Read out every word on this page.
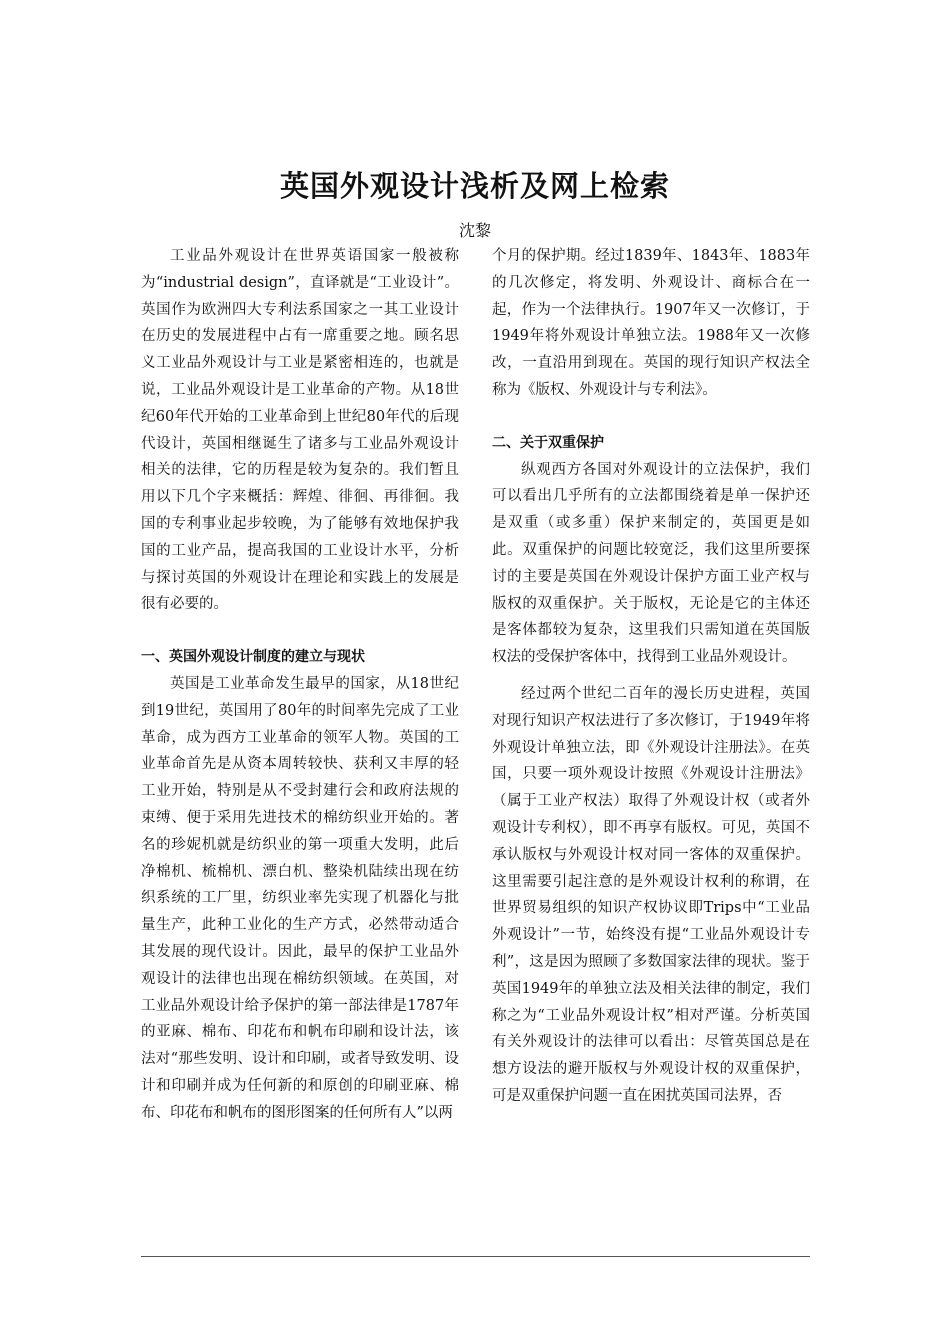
英国外观设计浅析及网上检索
沈黎

工业品外观设计在世界英语国家一般被称为“industrial design”，直译就是“工业设计”。英国作为欧洲四大专利法系国家之一其工业设计在历史的发展进程中占有一席重要之地。顾名思义工业品外观设计与工业是紧密相连的，也就是说，工业品外观设计是工业革命的产物。从18世纪60年代开始的工业革命到上世纪80年代的后现代设计，英国相继诞生了诸多与工业品外观设计相关的法律，它的历程是较为复杂的。我们暂且用以下几个字来概括：辉煌、徘徊、再徘徊。我国的专利事业起步较晚，为了能够有效地保护我国的工业产品，提高我国的工业设计水平，分析与探讨英国的外观设计在理论和实践上的发展是很有必要的。

一、英国外观设计制度的建立与现状

英国是工业革命发生最早的国家，从18世纪到19世纪，英国用了80年的时间率先完成了工业革命，成为西方工业革命的领军人物。英国的工业革命首先是从资本周转较快、获利又丰厚的轻工业开始，特别是从不受封建行会和政府法规的束缚、便于采用先进技术的棉纺织业开始的。著名的珍妮机就是纺织业的第一项重大发明，此后净棉机、梳棉机、漂白机、整染机陆续出现在纺织系统的工厂里，纺织业率先实现了机器化与批量生产，此种工业化的生产方式，必然带动适合其发展的现代设计。因此，最早的保护工业品外观设计的法律也出现在棉纺织领域。在英国，对工业品外观设计给予保护的第一部法律是1787年的亚麻、棉布、印花布和帆布印刷和设计法，该法对“那些发明、设计和印刷，或者导致发明、设计和印刷并成为任何新的和原创的印刷亚麻、棉布、印花布和帆布的图形图案的任何所有人”以两

个月的保护期。经过1839年、1843年、1883年的几次修定，将发明、外观设计、商标合在一起，作为一个法律执行。1907年又一次修订，于1949年将外观设计单独立法。1988年又一次修改，一直沿用到现在。英国的现行知识产权法全称为《版权、外观设计与专利法》。

二、关于双重保护

纵观西方各国对外观设计的立法保护，我们可以看出几乎所有的立法都围绕着是单一保护还是双重（或多重）保护来制定的，英国更是如此。双重保护的问题比较宽泛，我们这里所要探讨的主要是英国在外观设计保护方面工业产权与版权的双重保护。关于版权，无论是它的主体还是客体都较为复杂，这里我们只需知道在英国版权法的受保护客体中，找得到工业品外观设计。

经过两个世纪二百年的漫长历史进程，英国对现行知识产权法进行了多次修订，于1949年将外观设计单独立法，即《外观设计注册法》。在英国，只要一项外观设计按照《外观设计注册法》（属于工业产权法）取得了外观设计权（或者外观设计专利权），即不再享有版权。可见，英国不承认版权与外观设计权对同一客体的双重保护。这里需要引起注意的是外观设计权利的称谓，在世界贸易组织的知识产权协议即Trips中“工业品外观设计”一节，始终没有提“工业品外观设计专利”，这是因为照顾了多数国家法律的现状。鉴于英国1949年的单独立法及相关法律的制定，我们称之为“工业品外观设计权”相对严谨。分析英国有关外观设计的法律可以看出：尽管英国总是在想方设法的避开版权与外观设计权的双重保护，可是双重保护问题一直在困扰英国司法界，否
